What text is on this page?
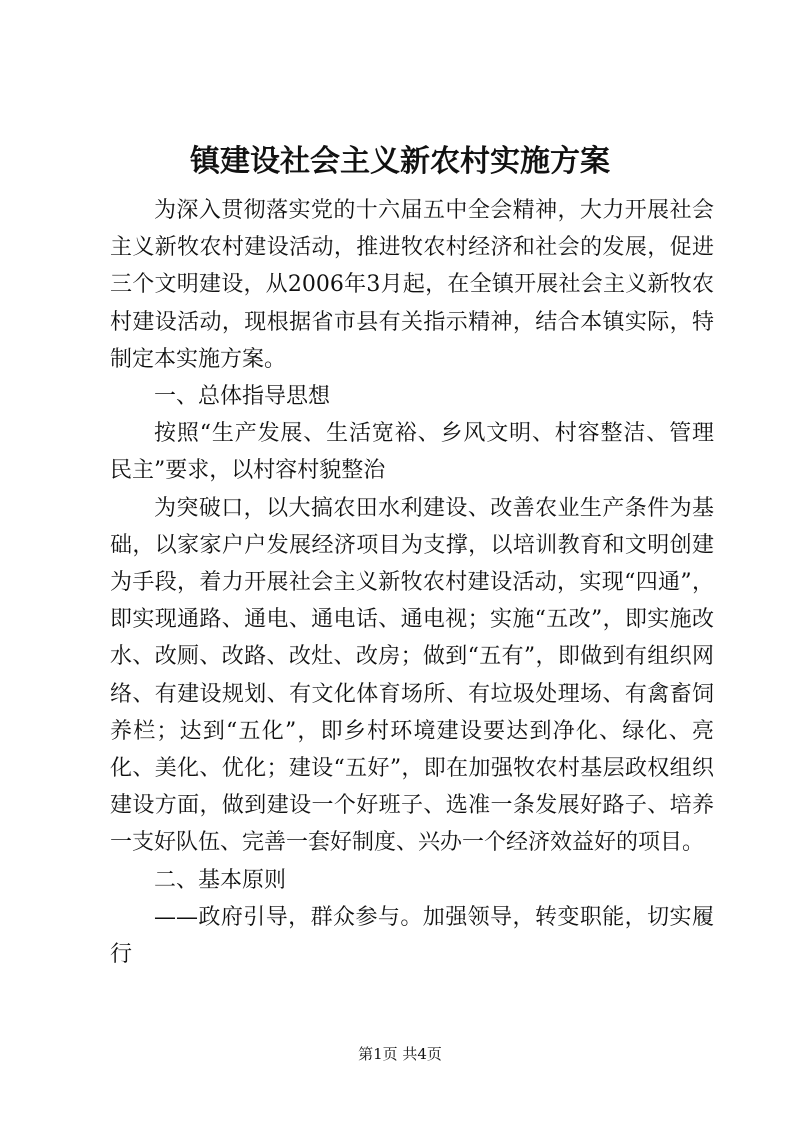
镇建设社会主义新农村实施方案

为深入贯彻落实党的十六届五中全会精神，大力开展社会主义新牧农村建设活动，推进牧农村经济和社会的发展，促进三个文明建设，从2006年3月起，在全镇开展社会主义新牧农村建设活动，现根据省市县有关指示精神，结合本镇实际，特制定本实施方案。

一、总体指导思想

按照“生产发展、生活宽裕、乡风文明、村容整洁、管理民主”要求，以村容村貌整治

为突破口，以大搞农田水利建设、改善农业生产条件为基础，以家家户户发展经济项目为支撑，以培训教育和文明创建为手段，着力开展社会主义新牧农村建设活动，实现“四通”，即实现通路、通电、通电话、通电视；实施“五改”，即实施改水、改厕、改路、改灶、改房；做到“五有”，即做到有组织网络、有建设规划、有文化体育场所、有垃圾处理场、有禽畜饲养栏；达到“五化”，即乡村环境建设要达到净化、绿化、亮化、美化、优化；建设“五好”，即在加强牧农村基层政权组织建设方面，做到建设一个好班子、选准一条发展好路子、培养一支好队伍、完善一套好制度、兴办一个经济效益好的项目。

二、基本原则

——政府引导，群众参与。加强领导，转变职能，切实履行

第1页 共4页
